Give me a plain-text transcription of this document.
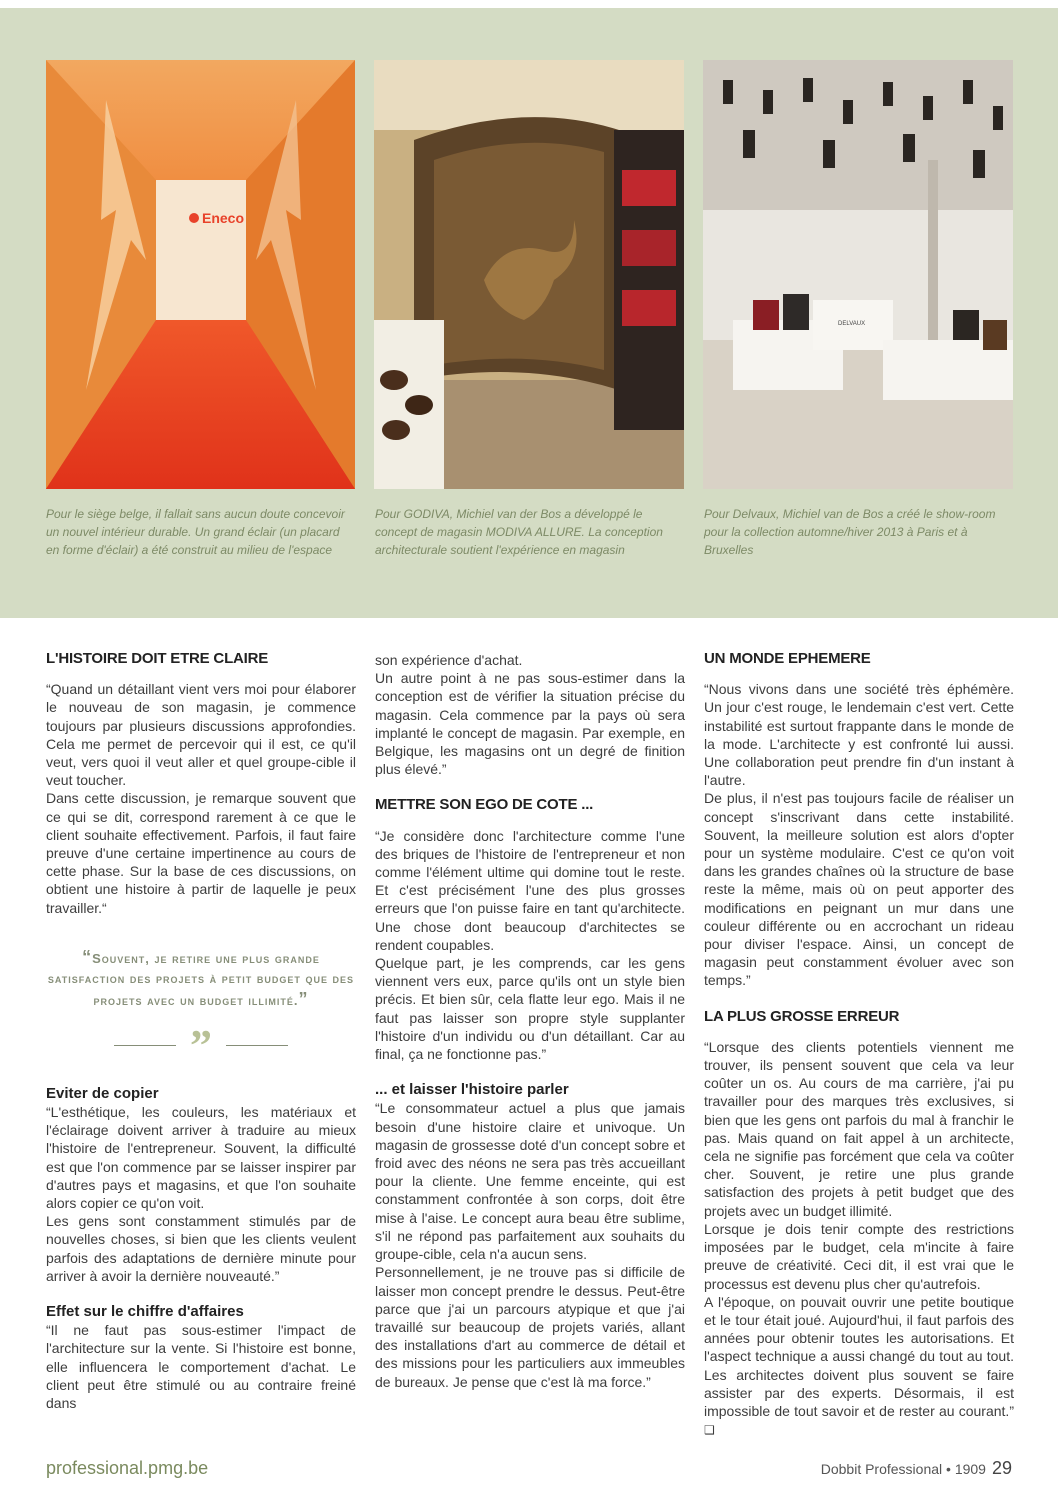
Eneco
DELVAUX
Pour le siège belge, il fallait sans aucun doute concevoir un nouvel intérieur durable. Un grand éclair (un placard en forme d'éclair) a été construit au milieu de l'espace
Pour GODIVA, Michiel van der Bos a développé le concept de magasin MODIVA ALLURE. La conception architecturale soutient l'expérience en magasin
Pour Delvaux, Michiel van de Bos a créé le show-room pour la collection automne/hiver 2013 à Paris et à Bruxelles
L'HISTOIRE DOIT ETRE CLAIRE

“Quand un détaillant vient vers moi pour élaborer le nouveau de son magasin, je commence toujours par plusieurs discussions approfondies. Cela me permet de percevoir qui il est, ce qu'il veut, vers quoi il veut aller et quel groupe-cible il veut toucher.

Dans cette discussion, je remarque souvent que ce qui se dit, correspond rarement à ce que le client souhaite effectivement. Parfois, il faut faire preuve d'une certaine impertinence au cours de cette phase. Sur la base de ces discussions, on obtient une histoire à partir de laquelle je peux travailler.“

“Souvent, je retire une plus grande satisfaction des projets à petit budget que des projets avec un budget illimité.”
”
Eviter de copier

“L'esthétique, les couleurs, les matériaux et l'éclairage doivent arriver à traduire au mieux l'histoire de l'entrepreneur. Souvent, la difficulté est que l'on commence par se laisser inspirer par d'autres pays et magasins, et que l'on souhaite alors copier ce qu'on voit.

Les gens sont constamment stimulés par de nouvelles choses, si bien que les clients veulent parfois des adaptations de dernière minute pour arriver à avoir la dernière nouveauté.”

Effet sur le chiffre d'affaires

“Il ne faut pas sous-estimer l'impact de l'architecture sur la vente. Si l'histoire est bonne, elle influencera le comportement d'achat. Le client peut être stimulé ou au contraire freiné dans

son expérience d'achat.

Un autre point à ne pas sous-estimer dans la conception est de vérifier la situation précise du magasin. Cela commence par la pays où sera implanté le concept de magasin. Par exemple, en Belgique, les magasins ont un degré de finition plus élevé.”

METTRE SON EGO DE COTE ...

“Je considère donc l'architecture comme l'une des briques de l'histoire de l'entrepreneur et non comme l'élément ultime qui domine tout le reste. Et c'est précisément l'une des plus grosses erreurs que l'on puisse faire en tant qu'architecte. Une chose dont beaucoup d'architectes se rendent coupables.

Quelque part, je les comprends, car les gens viennent vers eux, parce qu'ils ont un style bien précis. Et bien sûr, cela flatte leur ego. Mais il ne faut pas laisser son propre style supplanter l'histoire d'un individu ou d'un détaillant. Car au final, ça ne fonctionne pas.”

... et laisser l'histoire parler

“Le consommateur actuel a plus que jamais besoin d'une histoire claire et univoque. Un magasin de grossesse doté d'un concept sobre et froid avec des néons ne sera pas très accueillant pour la cliente. Une femme enceinte, qui est constamment confrontée à son corps, doit être mise à l'aise. Le concept aura beau être sublime, s'il ne répond pas parfaitement aux souhaits du groupe-cible, cela n'a aucun sens.

Personnellement, je ne trouve pas si difficile de laisser mon concept prendre le dessus. Peut-être parce que j'ai un parcours atypique et que j'ai travaillé sur beaucoup de projets variés, allant des installations d'art au commerce de détail et des missions pour les particuliers aux immeubles de bureaux. Je pense que c'est là ma force.”

UN MONDE EPHEMERE

“Nous vivons dans une société très éphémère. Un jour c'est rouge, le lendemain c'est vert. Cette instabilité est surtout frappante dans le monde de la mode. L'architecte y est confronté lui aussi. Une collaboration peut prendre fin d'un instant à l'autre.

De plus, il n'est pas toujours facile de réaliser un concept s'inscrivant dans cette instabilité. Souvent, la meilleure solution est alors d'opter pour un système modulaire. C'est ce qu'on voit dans les grandes chaînes où la structure de base reste la même, mais où on peut apporter des modifications en peignant un mur dans une couleur différente ou en accrochant un rideau pour diviser l'espace. Ainsi, un concept de magasin peut constamment évoluer avec son temps.”

LA PLUS GROSSE ERREUR

“Lorsque des clients potentiels viennent me trouver, ils pensent souvent que cela va leur coûter un os. Au cours de ma carrière, j'ai pu travailler pour des marques très exclusives, si bien que les gens ont parfois du mal à franchir le pas. Mais quand on fait appel à un architecte, cela ne signifie pas forcément que cela va coûter cher. Souvent, je retire une plus grande satisfaction des projets à petit budget que des projets avec un budget illimité.

Lorsque je dois tenir compte des restrictions imposées par le budget, cela m'incite à faire preuve de créativité. Ceci dit, il est vrai que le processus est devenu plus cher qu'autrefois.

A l'époque, on pouvait ouvrir une petite boutique et le tour était joué. Aujourd'hui, il faut parfois des années pour obtenir toutes les autorisations. Et l'aspect technique a aussi changé du tout au tout. Les architectes doivent plus souvent se faire assister par des experts. Désormais, il est impossible de tout savoir et de rester au courant.” ❑

professional.pmg.be	Dobbit Professional • 1909 29
